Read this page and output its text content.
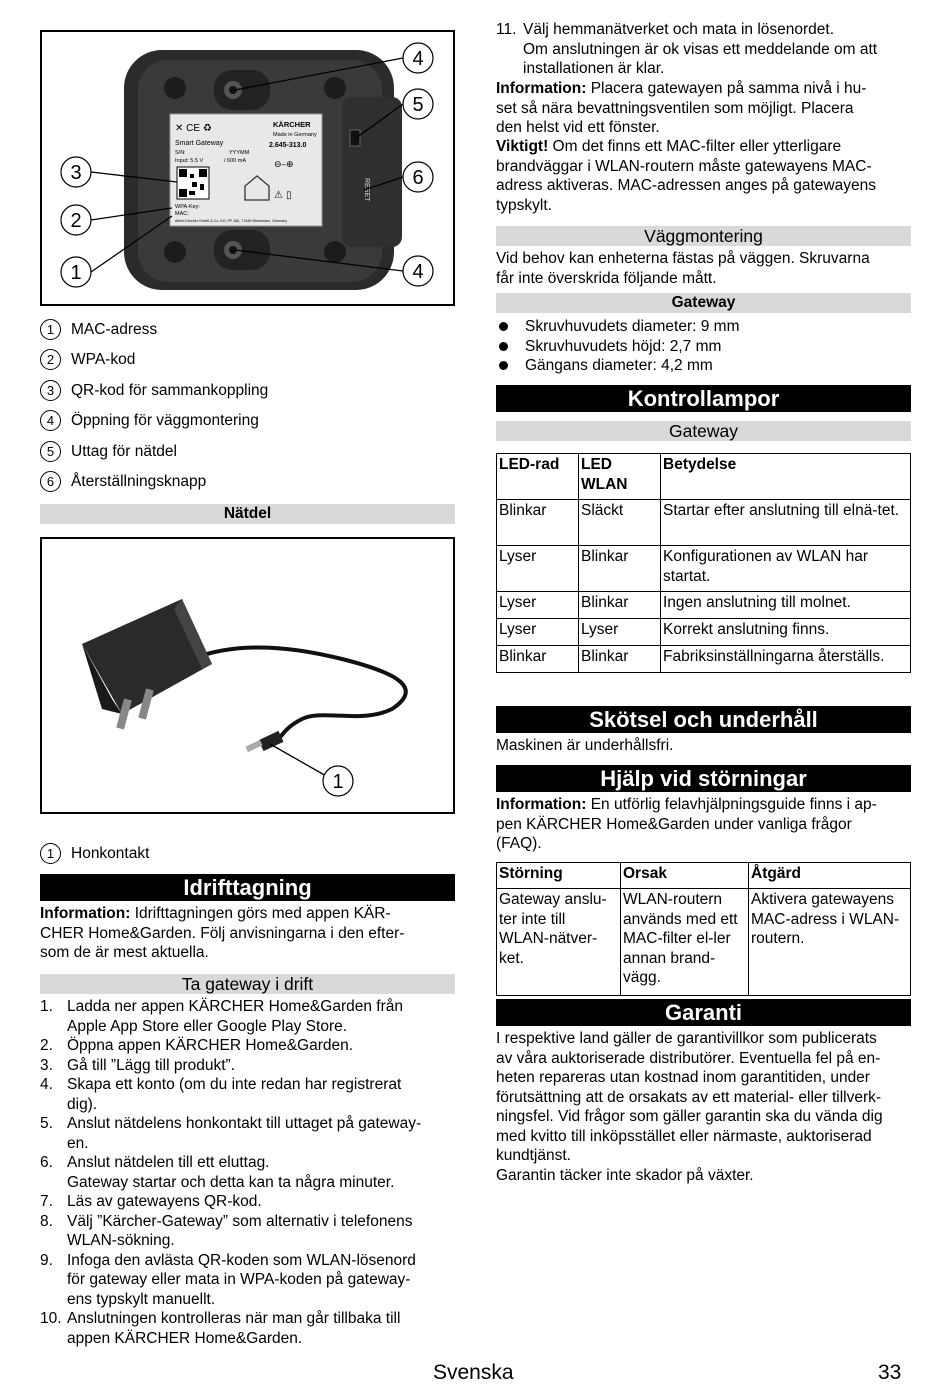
KÄRCHER
Smart Gateway
Made in Germany
2.645-313.0
S/N:	YYYMM
Input: 5.5 V	/ 600 mA
✕ CE ♻
⚠ ▯
⊖–⊕
WPA-Key:
MAC:
Alfred Kärcher GmbH & Co. KG, PF 160, 71349 Winnenden, Germany
RESET
4
5
6
4
3
2
1
1	MAC-adress
2	WPA-kod
3	QR-kod för sammankoppling
4	Öppning för väggmontering
5	Uttag för nätdel
6	Återställningsknapp
Nätdel
1
1	Honkontakt
Idrifttagning

Information: Idrifttagningen görs med appen KÄR-

CHER Home&Garden. Följ anvisningarna i den efter-

som de är mest aktuella.

Ta gateway i drift
1. Ladda ner appen KÄRCHER Home&Garden från
Apple App Store eller Google Play Store.
2. Öppna appen KÄRCHER Home&Garden.
3. Gå till ”Lägg till produkt”.
4. Skapa ett konto (om du inte redan har registrerat
dig).
5. Anslut nätdelens honkontakt till uttaget på gateway-
en.
6. Anslut nätdelen till ett eluttag.
Gateway startar och detta kan ta några minuter.
7. Läs av gatewayens QR-kod.
8. Välj ”Kärcher-Gateway” som alternativ i telefonens
WLAN-sökning.
9. Infoga den avlästa QR-koden som WLAN-lösenord
för gateway eller mata in WPA-koden på gateway-
ens typskylt manuellt.
10. Anslutningen kontrolleras när man går tillbaka till
appen KÄRCHER Home&Garden.
11. Välj hemmanätverket och mata in lösenordet.
Om anslutningen är ok visas ett meddelande om att
installationen är klar.

Information: Placera gatewayen på samma nivå i hu-

set så nära bevattningsventilen som möjligt. Placera

den helst vid ett fönster.

Viktigt! Om det finns ett MAC-filter eller ytterligare

brandväggar i WLAN-routern måste gatewayens MAC-

adress aktiveras. MAC-adressen anges på gatewayens

typskylt.

Väggmontering

Vid behov kan enheterna fästas på väggen. Skruvarna

får inte överskrida följande mått.

Gateway
Skruvhuvudets diameter: 9 mm
Skruvhuvudets höjd: 2,7 mm
Gängans diameter: 4,2 mm
Kontrollampor
Gateway
LED-rad	LED WLAN	Betydelse
Blinkar	Släckt	Startar efter anslutning till elnä-tet.
Lyser	Blinkar	Konfigurationen av WLAN har startat.
Lyser	Blinkar	Ingen anslutning till molnet.
Lyser	Lyser	Korrekt anslutning finns.
Blinkar	Blinkar	Fabriksinställningarna återställs.
Skötsel och underhåll

Maskinen är underhållsfri.

Hjälp vid störningar

Information: En utförlig felavhjälpningsguide finns i ap-

pen KÄRCHER Home&Garden under vanliga frågor

(FAQ).

Störning	Orsak	Åtgärd
Gateway anslu-ter inte till WLAN-nätver-ket.	WLAN-routern används med ett MAC-filter el-ler annan brand-vägg.	Aktivera gatewayens MAC-adress i WLAN-routern.
Garanti

I respektive land gäller de garantivillkor som publicerats

av våra auktoriserade distributörer. Eventuella fel på en-

heten repareras utan kostnad inom garantitiden, under

förutsättning att de orsakats av ett material- eller tillverk-

ningsfel. Vid frågor som gäller garantin ska du vända dig

med kvitto till inköpsstället eller närmaste, auktoriserad

kundtjänst.

Garantin täcker inte skador på växter.

Svenska	33
